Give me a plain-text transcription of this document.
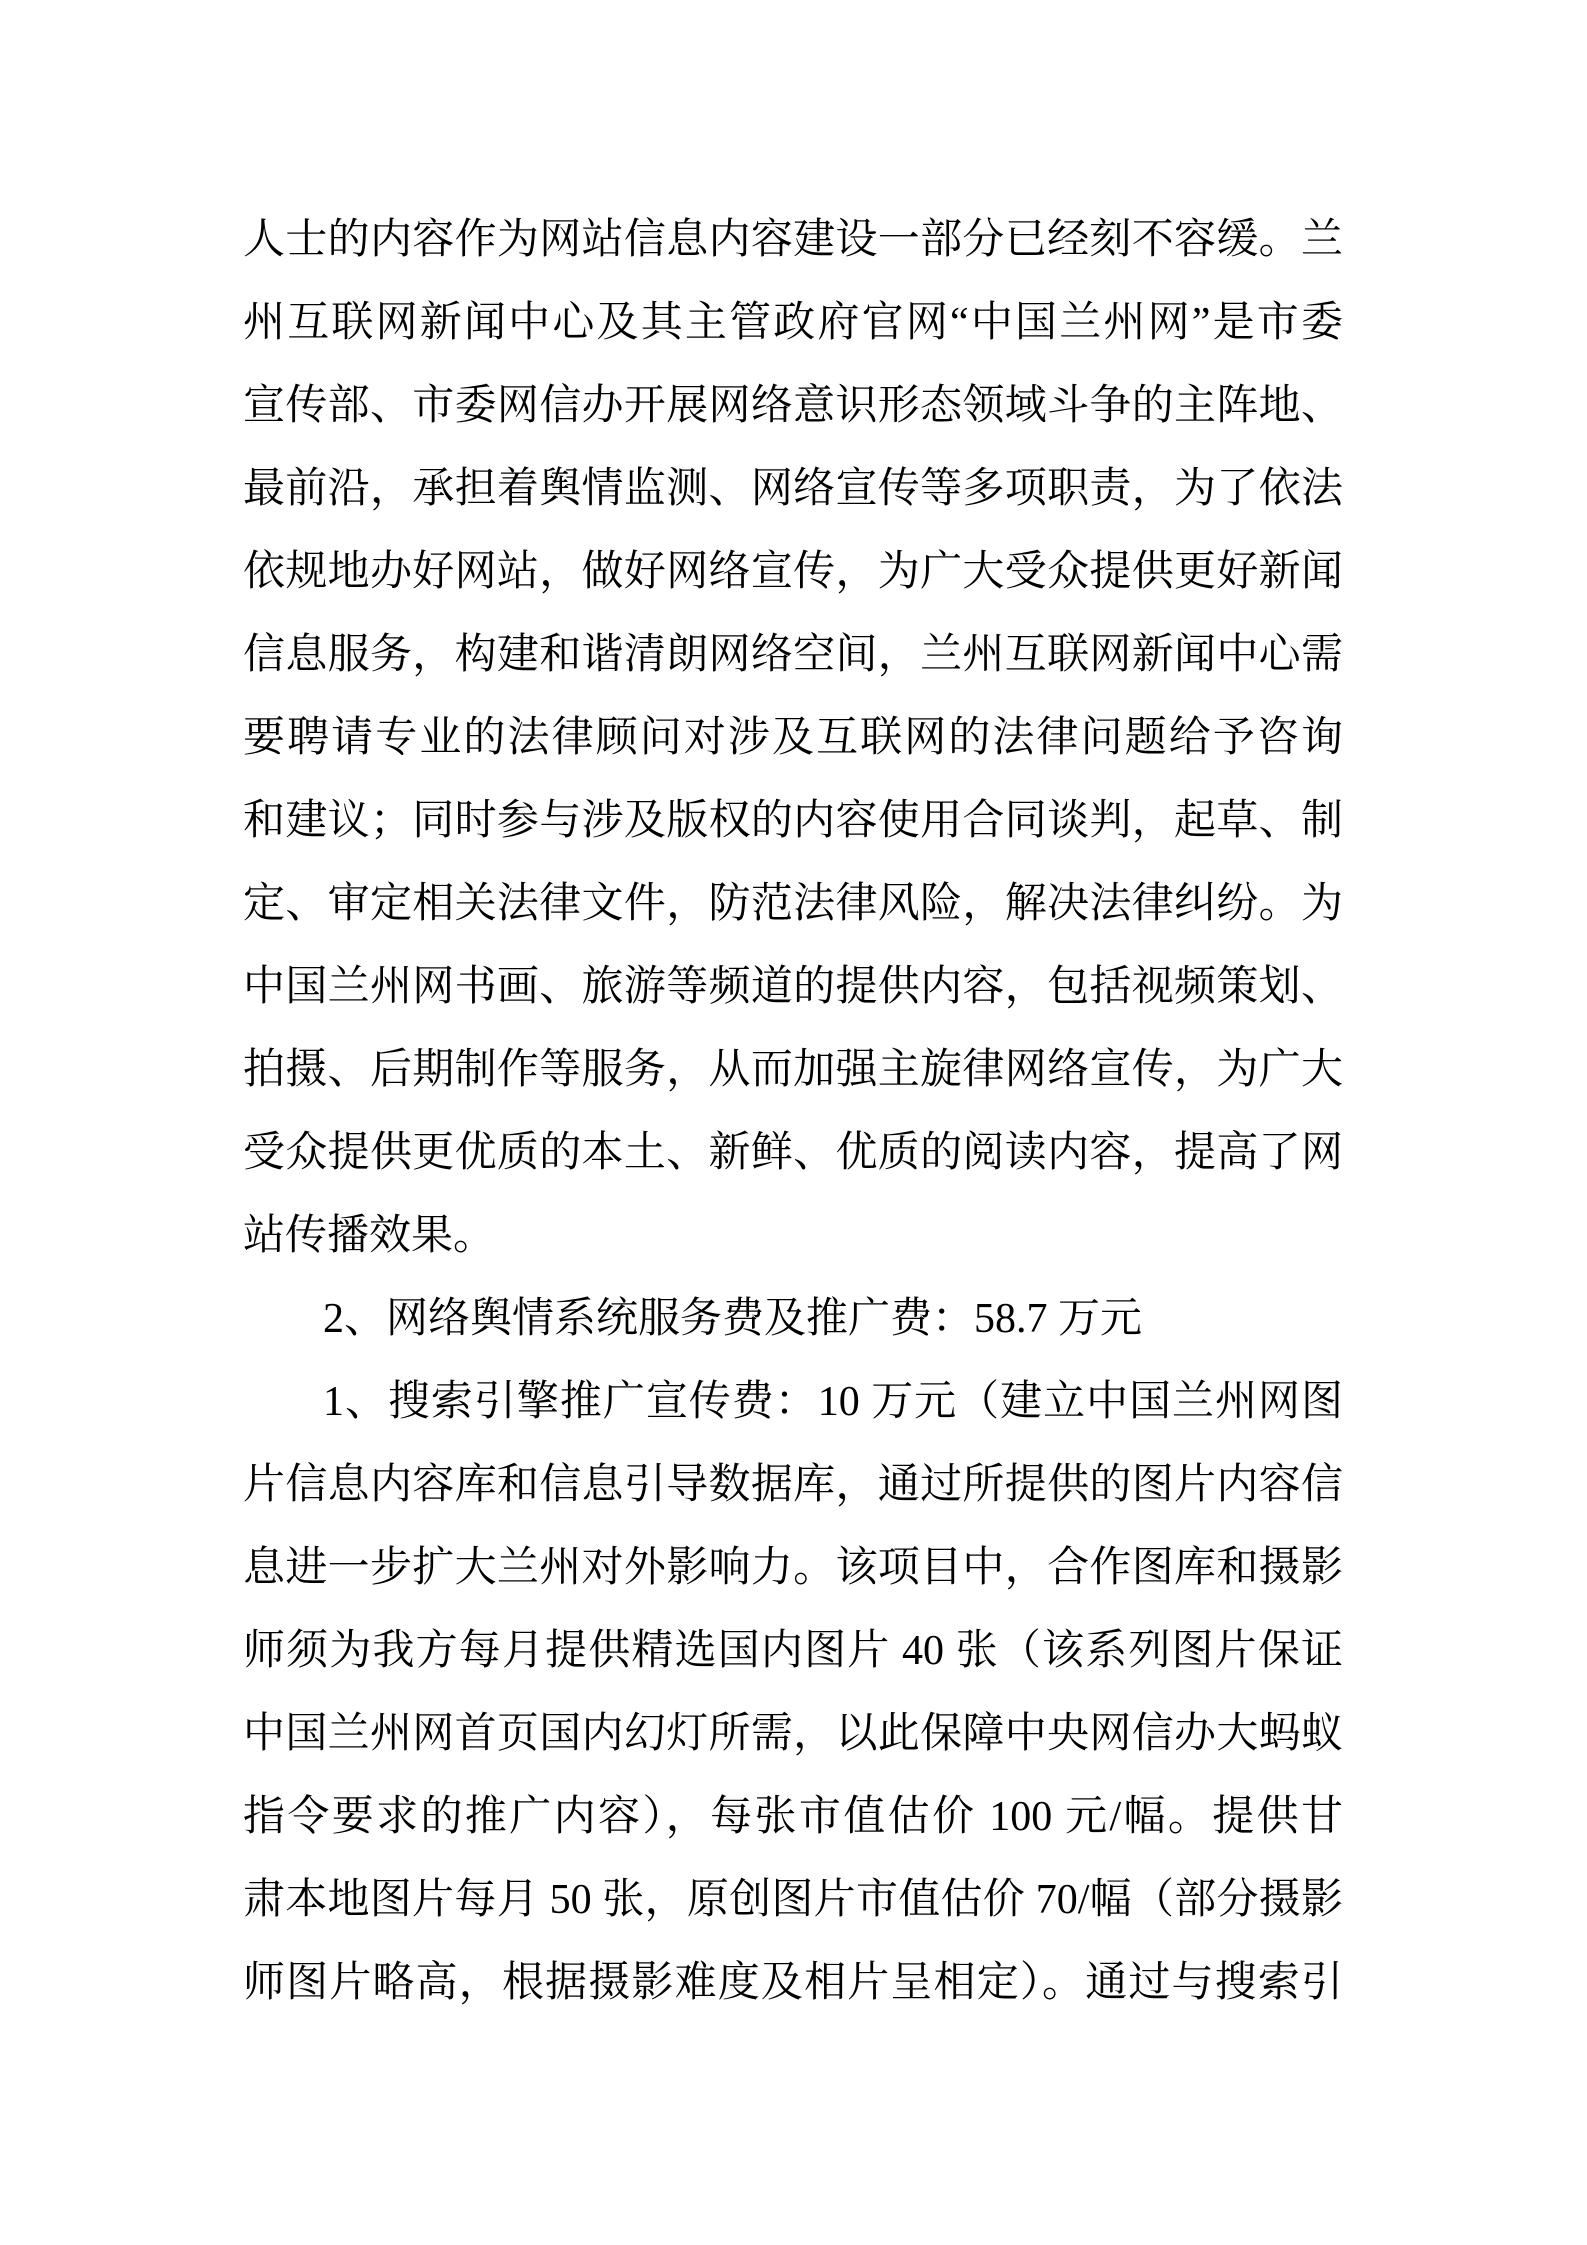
人士的内容作为网站信息内容建设一部分已经刻不容缓。兰
州互联网新闻中心及其主管政府官网“中国兰州网”是市委
宣传部、市委网信办开展网络意识形态领域斗争的主阵地、
最前沿，承担着舆情监测、网络宣传等多项职责，为了依法
依规地办好网站，做好网络宣传，为广大受众提供更好新闻
信息服务，构建和谐清朗网络空间，兰州互联网新闻中心需
要聘请专业的法律顾问对涉及互联网的法律问题给予咨询
和建议；同时参与涉及版权的内容使用合同谈判，起草、制
定、审定相关法律文件，防范法律风险，解决法律纠纷。为
中国兰州网书画、旅游等频道的提供内容，包括视频策划、
拍摄、后期制作等服务，从而加强主旋律网络宣传，为广大
受众提供更优质的本土、新鲜、优质的阅读内容，提高了网
站传播效果。
2、网络舆情系统服务费及推广费：58.7 万元
1、搜索引擎推广宣传费：10 万元（建立中国兰州网图
片信息内容库和信息引导数据库，通过所提供的图片内容信
息进一步扩大兰州对外影响力。该项目中，合作图库和摄影
师须为我方每月提供精选国内图片 40 张（该系列图片保证
中国兰州网首页国内幻灯所需，以此保障中央网信办大蚂蚁
指令要求的推广内容），每张市值估价 100 元/幅。提供甘
肃本地图片每月 50 张，原创图片市值估价 70/幅（部分摄影
师图片略高，根据摄影难度及相片呈相定）。通过与搜索引
